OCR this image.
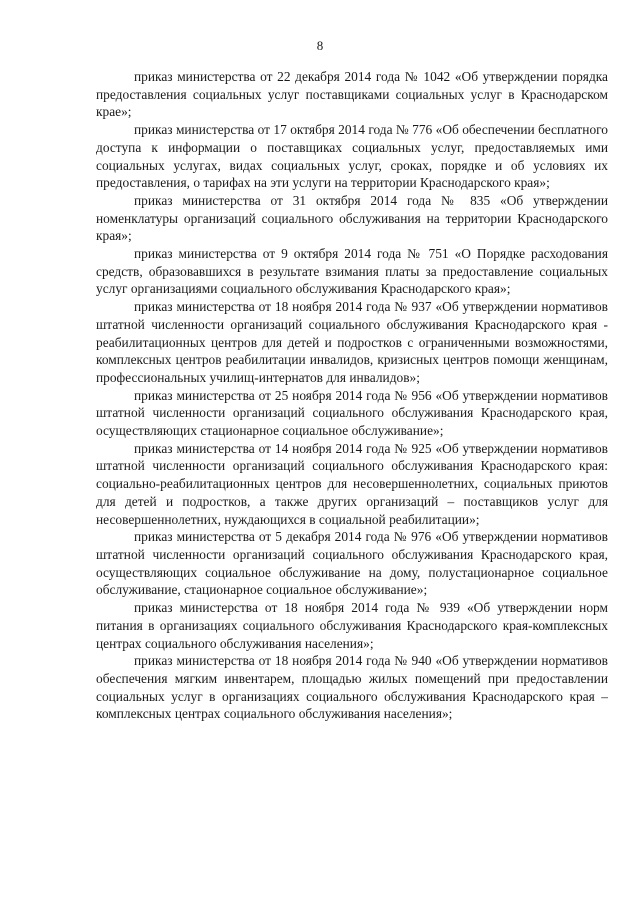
8

приказ министерства от 22 декабря 2014 года № 1042 «Об утверждении порядка предоставления социальных услуг поставщиками социальных услуг в Краснодарском крае»;

приказ министерства от 17 октября 2014 года № 776 «Об обеспечении бесплатного доступа к информации о поставщиках социальных услуг, предоставляемых ими социальных услугах, видах социальных услуг, сроках, порядке и об условиях их предоставления, о тарифах на эти услуги на территории Краснодарского края»;

приказ министерства от 31 октября 2014 года № 835 «Об утверждении номенклатуры организаций социального обслуживания на территории Краснодарского края»;

приказ министерства от 9 октября 2014 года № 751 «О Порядке расходования средств, образовавшихся в результате взимания платы за предоставление социальных услуг организациями социального обслуживания Краснодарского края»;

приказ министерства от 18 ноября 2014 года № 937 «Об утверждении нормативов штатной численности организаций социального обслуживания Краснодарского края - реабилитационных центров для детей и подростков с ограниченными возможностями, комплексных центров реабилитации инвалидов, кризисных центров помощи женщинам, профессиональных училищ-интернатов для инвалидов»;

приказ министерства от 25 ноября 2014 года № 956 «Об утверждении нормативов штатной численности организаций социального обслуживания Краснодарского края, осуществляющих стационарное социальное обслуживание»;

приказ министерства от 14 ноября 2014 года № 925 «Об утверждении нормативов штатной численности организаций социального обслуживания Краснодарского края: социально-реабилитационных центров для несовершеннолетних, социальных приютов для детей и подростков, а также других организаций – поставщиков услуг для несовершеннолетних, нуждающихся в социальной реабилитации»;

приказ министерства от 5 декабря 2014 года № 976 «Об утверждении нормативов штатной численности организаций социального обслуживания Краснодарского края, осуществляющих социальное обслуживание на дому, полустационарное социальное обслуживание, стационарное социальное обслуживание»;

приказ министерства от 18 ноября 2014 года № 939 «Об утверждении норм питания в организациях социального обслуживания Краснодарского края-комплексных центрах социального обслуживания населения»;

приказ министерства от 18 ноября 2014 года № 940 «Об утверждении нормативов обеспечения мягким инвентарем, площадью жилых помещений при предоставлении социальных услуг в организациях социального обслуживания Краснодарского края – комплексных центрах социального обслуживания населения»;
